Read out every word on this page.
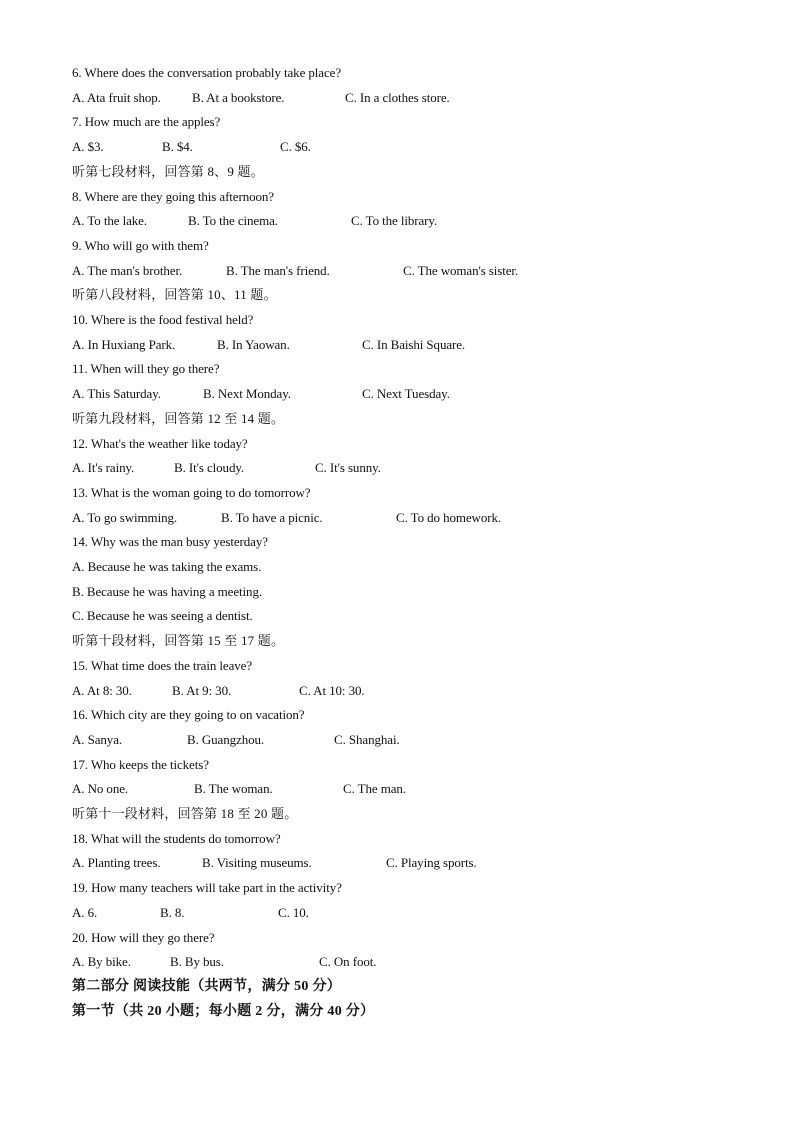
6. Where does the conversation probably take place?
A. Ata fruit shop. B. At a bookstore.	C. In a clothes store.
7. How much are the apples?
A. $3.	B. $4.	C. $6.
听第七段材料，回答第 8、9 题。
8. Where are they going this afternoon?
A. To the lake.	B. To the cinema.	C. To the library.
9. Who will go with them?
A. The man's brother.	B. The man's friend.	C. The woman's sister.
听第八段材料，回答第 10、11 题。
10. Where is the food festival held?
A. In Huxiang Park.	B. In Yaowan.	C. In Baishi Square.
11. When will they go there?
A. This Saturday.	B. Next Monday.	C. Next Tuesday.
听第九段材料，回答第 12 至 14 题。
12. What's the weather like today?
A. It's rainy.	B. It's cloudy.	C. It's sunny.
13. What is the woman going to do tomorrow?
A. To go swimming.	B. To have a picnic.	C. To do homework.
14. Why was the man busy yesterday?
A. Because he was taking the exams.
B. Because he was having a meeting.
C. Because he was seeing a dentist.
听第十段材料，回答第 15 至 17 题。
15. What time does the train leave?
A. At 8: 30.	B. At 9: 30.	C. At 10: 30.
16. Which city are they going to on vacation?
A. Sanya.	B. Guangzhou.	C. Shanghai.
17. Who keeps the tickets?
A. No one.	B. The woman.	C. The man.
听第十一段材料，回答第 18 至 20 题。
18. What will the students do tomorrow?
A. Planting trees.	B. Visiting museums.	C. Playing sports.
19. How many teachers will take part in the activity?
A. 6.	B. 8.	C. 10.
20. How will they go there?
A. By bike.	B. By bus.	C. On foot.
第二部分 阅读技能（共两节，满分 50 分）
第一节（共 20 小题；每小题 2 分，满分 40 分）
